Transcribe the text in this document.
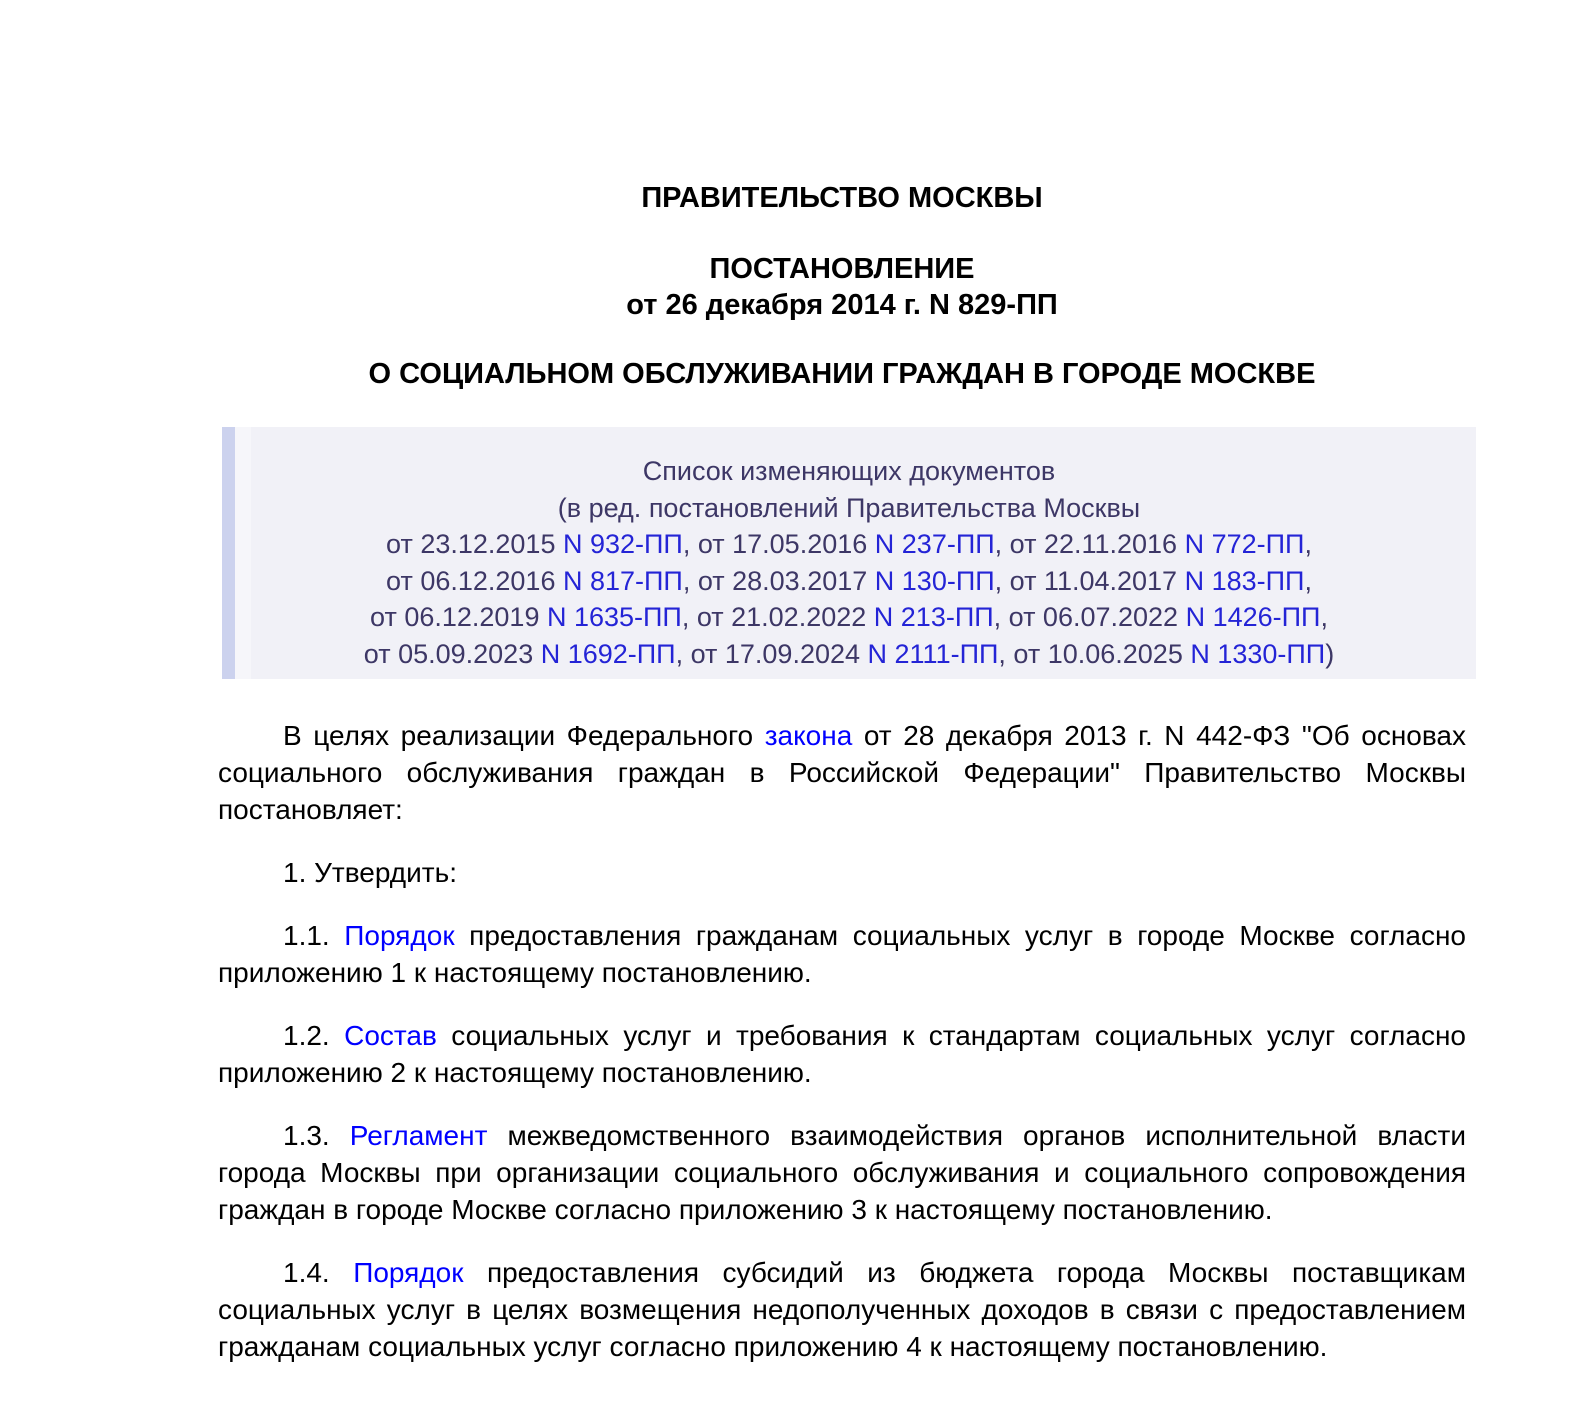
ПРАВИТЕЛЬСТВО МОСКВЫ
ПОСТАНОВЛЕНИЕ
от 26 декабря 2014 г. N 829-ПП
О СОЦИАЛЬНОМ ОБСЛУЖИВАНИИ ГРАЖДАН В ГОРОДЕ МОСКВЕ
Список изменяющих документов
(в ред. постановлений Правительства Москвы
от 23.12.2015 N 932-ПП, от 17.05.2016 N 237-ПП, от 22.11.2016 N 772-ПП,
от 06.12.2016 N 817-ПП, от 28.03.2017 N 130-ПП, от 11.04.2017 N 183-ПП,
от 06.12.2019 N 1635-ПП, от 21.02.2022 N 213-ПП, от 06.07.2022 N 1426-ПП,
от 05.09.2023 N 1692-ПП, от 17.09.2024 N 2111-ПП, от 10.06.2025 N 1330-ПП)
В целях реализации Федерального закона от 28 декабря 2013 г. N 442-ФЗ "Об основах социального обслуживания граждан в Российской Федерации" Правительство Москвы постановляет:
1. Утвердить:
1.1. Порядок предоставления гражданам социальных услуг в городе Москве согласно приложению 1 к настоящему постановлению.
1.2. Состав социальных услуг и требования к стандартам социальных услуг согласно приложению 2 к настоящему постановлению.
1.3. Регламент межведомственного взаимодействия органов исполнительной власти города Москвы при организации социального обслуживания и социального сопровождения граждан в городе Москве согласно приложению 3 к настоящему постановлению.
1.4. Порядок предоставления субсидий из бюджета города Москвы поставщикам социальных услуг в целях возмещения недополученных доходов в связи с предоставлением гражданам социальных услуг согласно приложению 4 к настоящему постановлению.
